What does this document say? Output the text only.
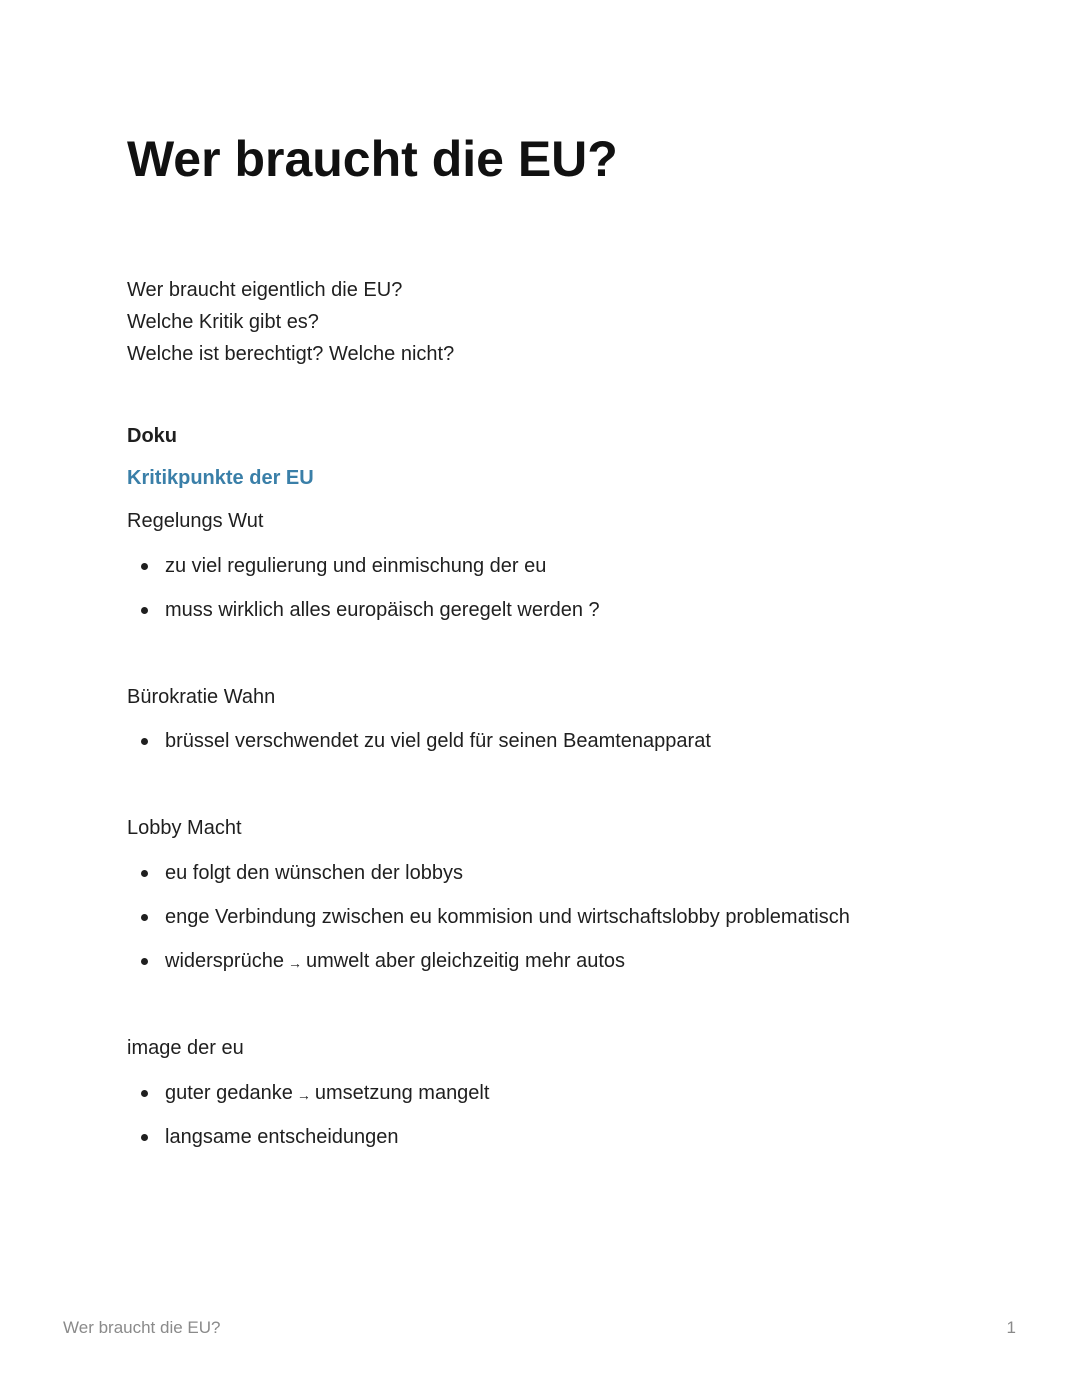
Wer braucht die EU?
Wer braucht eigentlich die EU?
Welche Kritik gibt es?
Welche ist berechtigt? Welche nicht?
Doku
Kritikpunkte der EU
Regelungs Wut
zu viel regulierung und einmischung der eu
muss wirklich alles europäisch geregelt werden ?
Bürokratie Wahn
brüssel verschwendet zu viel geld für seinen Beamtenapparat
Lobby Macht
eu folgt den wünschen der lobbys
enge Verbindung zwischen eu kommision und wirtschaftslobby problematisch
widersprüche → umwelt aber gleichzeitig mehr autos
image der eu
guter gedanke → umsetzung mangelt
langsame entscheidungen
Wer braucht die EU?	1
